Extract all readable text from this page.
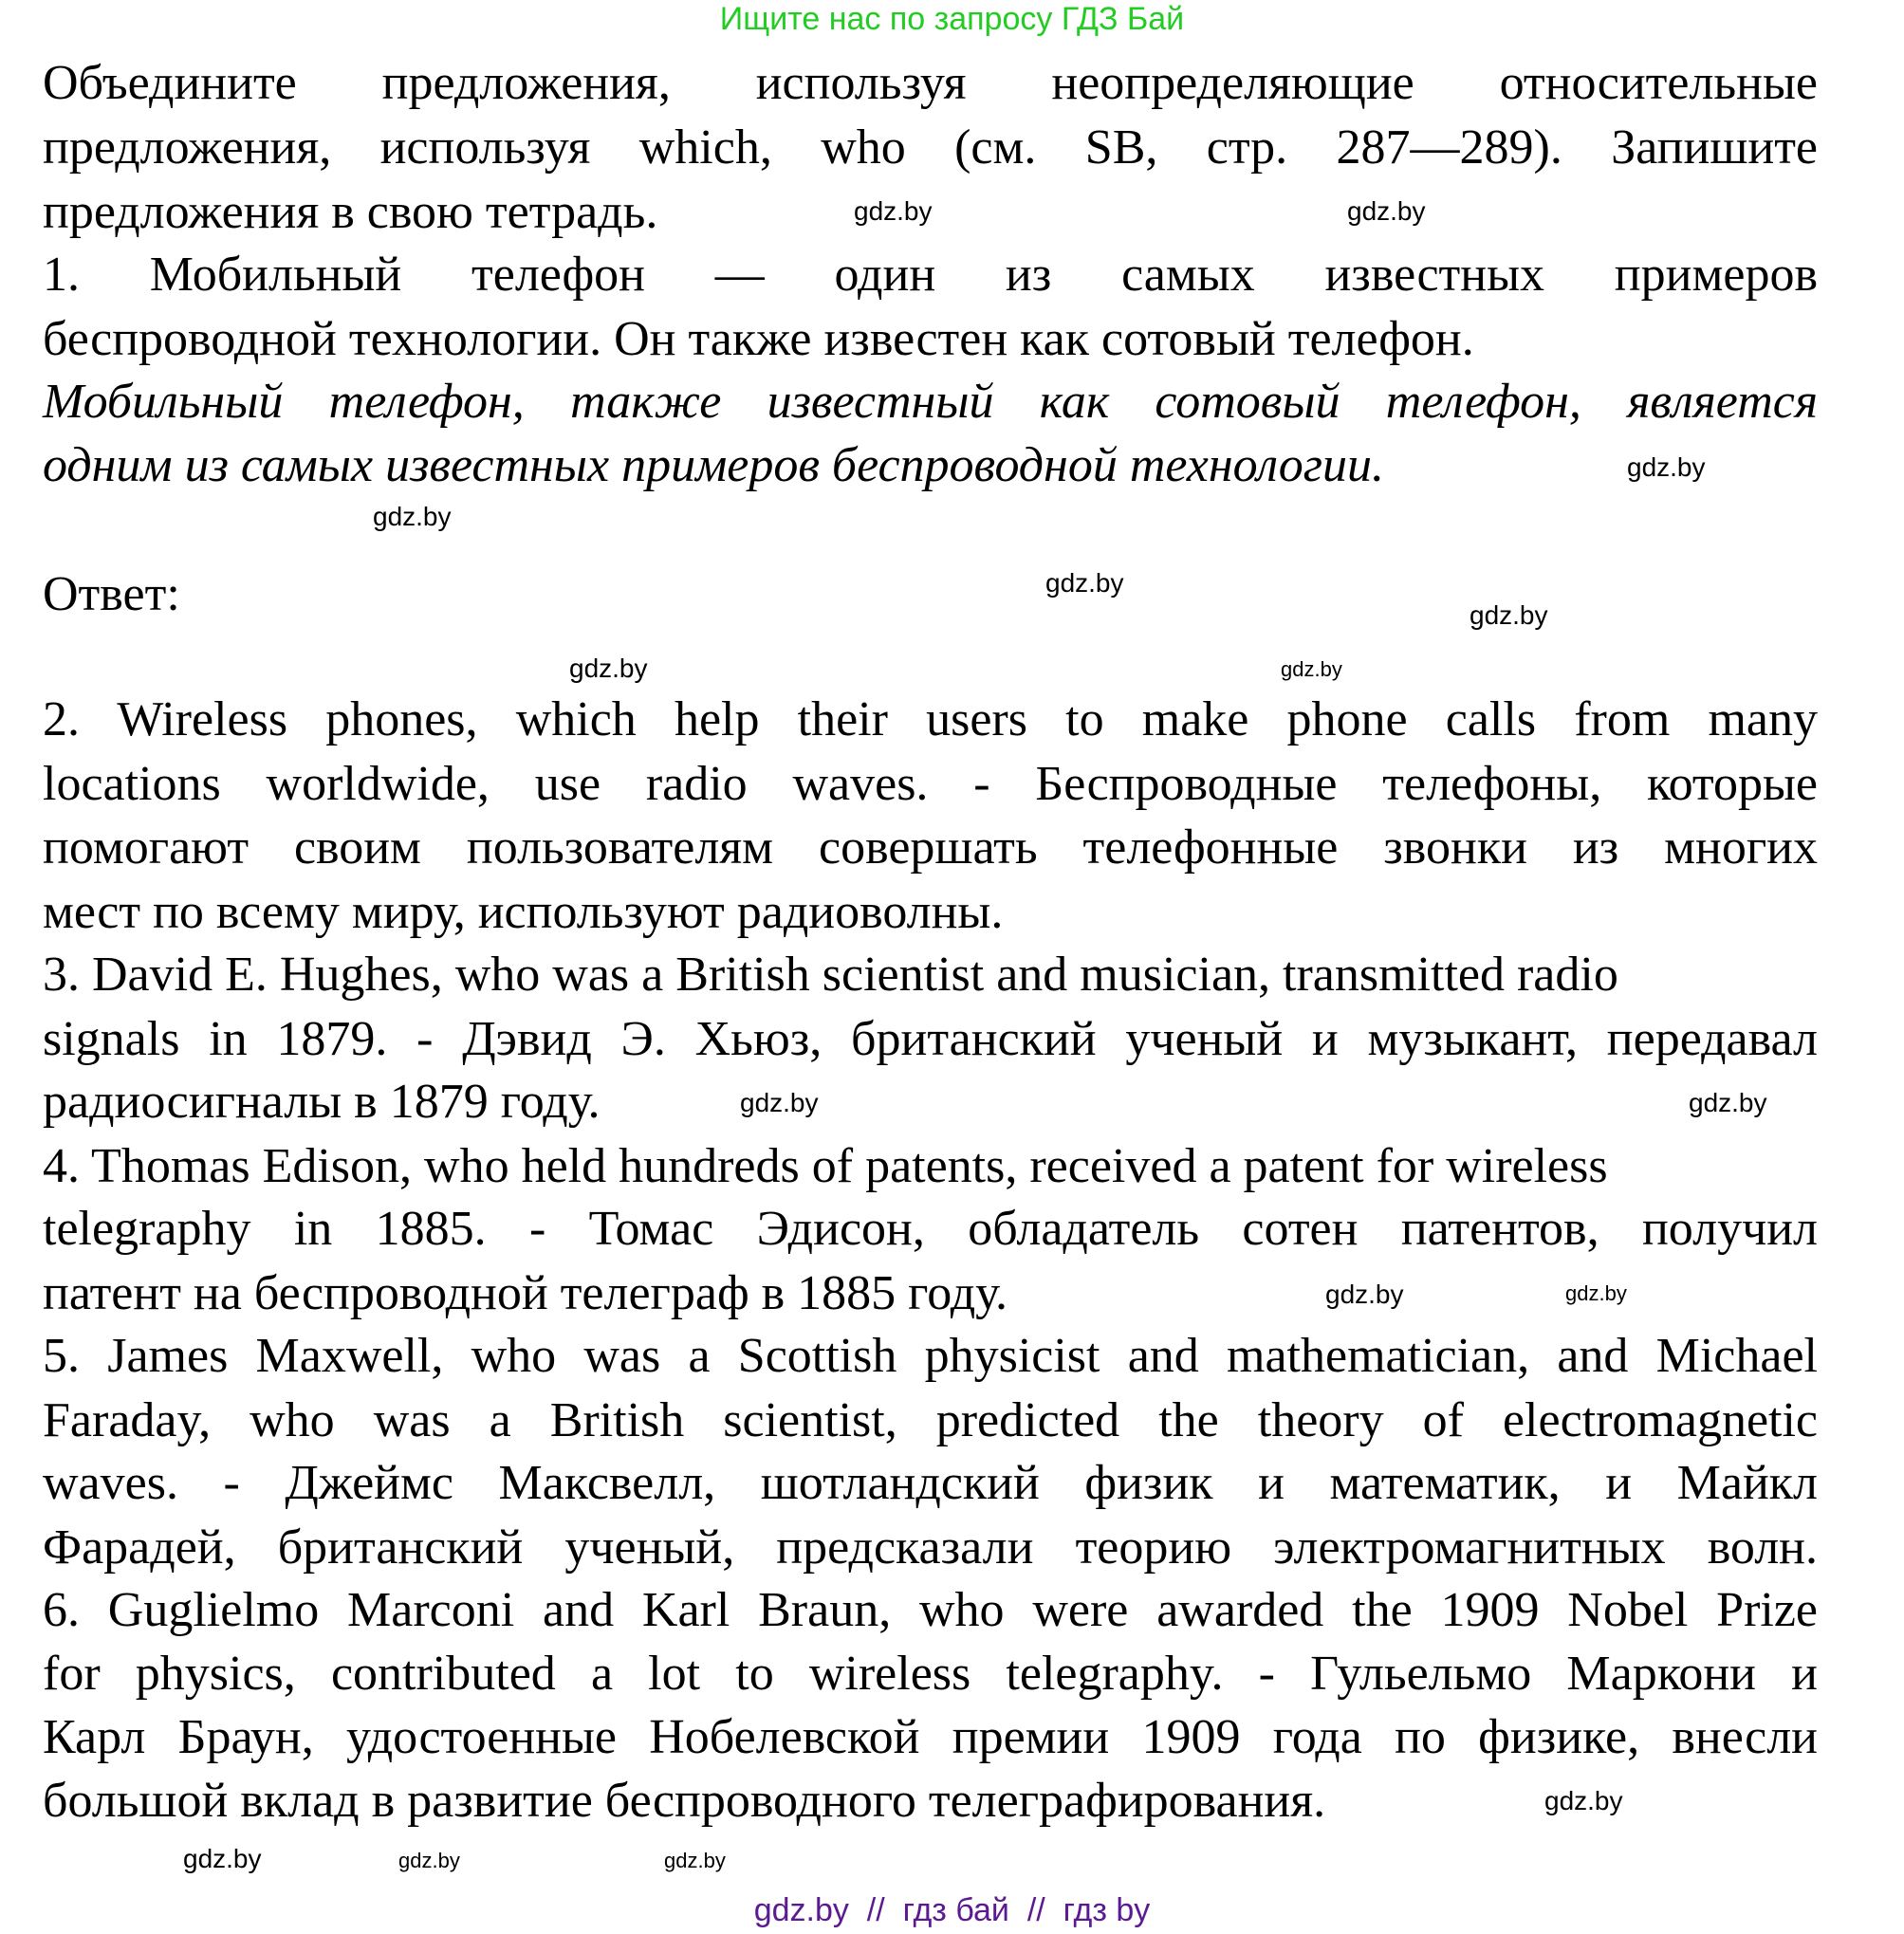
Ищите нас по запросу ГДЗ Бай
Объедините предложения, используя неопределяющие относительные
предложения, используя which, who (см. SB, стр. 287—289). Запишите
предложения в свою тетрадь.
1. Мобильный телефон — один из самых известных примеров
беспроводной технологии. Он также известен как сотовый телефон.
Мобильный телефон, также известный как сотовый телефон, является
одним из самых известных примеров беспроводной технологии.
Ответ:
2. Wireless phones, which help their users to make phone calls from many
locations worldwide, use radio waves. - Беспроводные телефоны, которые
помогают своим пользователям совершать телефонные звонки из многих
мест по всему миру, используют радиоволны.
3. David E. Hughes, who was a British scientist and musician, transmitted radio
signals in 1879. - Дэвид Э. Хьюз, британский ученый и музыкант, передавал
радиосигналы в 1879 году.
4. Thomas Edison, who held hundreds of patents, received a patent for wireless
telegraphy in 1885. - Томас Эдисон, обладатель сотен патентов, получил
патент на беспроводной телеграф в 1885 году.
5. James Maxwell, who was a Scottish physicist and mathematician, and Michael
Faraday, who was a British scientist, predicted the theory of electromagnetic
waves. - Джеймс Максвелл, шотландский физик и математик, и Майкл
Фарадей, британский ученый, предсказали теорию электромагнитных волн.
6. Guglielmo Marconi and Karl Braun, who were awarded the 1909 Nobel Prize
for physics, contributed a lot to wireless telegraphy. - Гульельмо Маркони и
Карл Браун, удостоенные Нобелевской премии 1909 года по физике, внесли
большой вклад в развитие беспроводного телеграфирования.
gdz.by
gdz.by
gdz.by
gdz.by
gdz.by
gdz.by
gdz.by
gdz.by
gdz.by	gdz.by
gdz.by
gdz.by	gdz.by
gdz.by
gdz.by
gdz.by
gdz.by  //  гдз бай  //  гдз by
